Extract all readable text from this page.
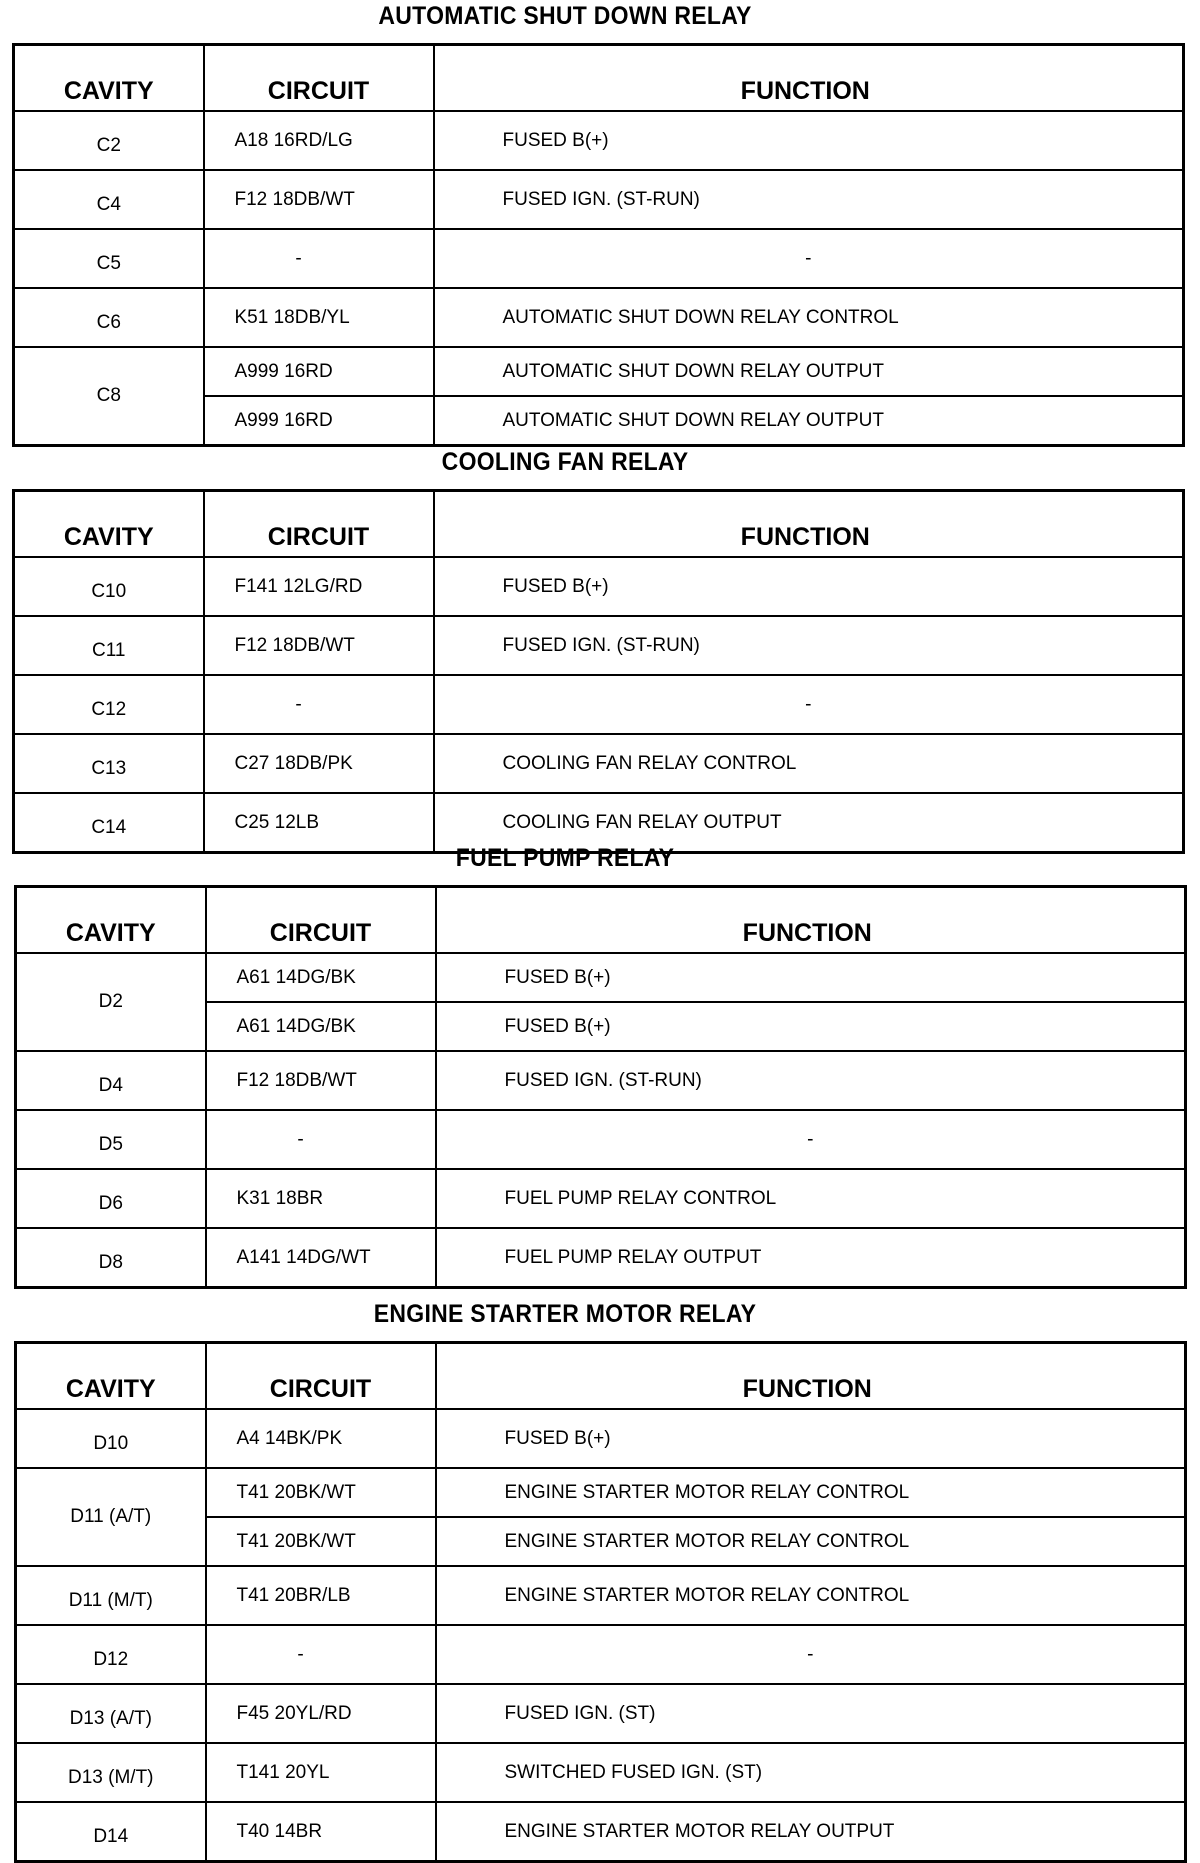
AUTOMATIC SHUT DOWN RELAY
CAVITY	CIRCUIT	FUNCTION
C2	A18 16RD/LG	FUSED B(+)
C4	F12 18DB/WT	FUSED IGN. (ST-RUN)
C5	-	-
C6	K51 18DB/YL	AUTOMATIC SHUT DOWN RELAY CONTROL
C8	A999 16RD	AUTOMATIC SHUT DOWN RELAY OUTPUT
	A999 16RD	AUTOMATIC SHUT DOWN RELAY OUTPUT
COOLING FAN RELAY
CAVITY	CIRCUIT	FUNCTION
C10	F141 12LG/RD	FUSED B(+)
C11	F12 18DB/WT	FUSED IGN. (ST-RUN)
C12	-	-
C13	C27 18DB/PK	COOLING FAN RELAY CONTROL
C14	C25 12LB	COOLING FAN RELAY OUTPUT
FUEL PUMP RELAY
CAVITY	CIRCUIT	FUNCTION
D2	A61 14DG/BK	FUSED B(+)
	A61 14DG/BK	FUSED B(+)
D4	F12 18DB/WT	FUSED IGN. (ST-RUN)
D5	-	-
D6	K31 18BR	FUEL PUMP RELAY CONTROL
D8	A141 14DG/WT	FUEL PUMP RELAY OUTPUT
ENGINE STARTER MOTOR RELAY
CAVITY	CIRCUIT	FUNCTION
D10	A4 14BK/PK	FUSED B(+)
D11 (A/T)	T41 20BK/WT	ENGINE STARTER MOTOR RELAY CONTROL
	T41 20BK/WT	ENGINE STARTER MOTOR RELAY CONTROL
D11 (M/T)	T41 20BR/LB	ENGINE STARTER MOTOR RELAY CONTROL
D12	-	-
D13 (A/T)	F45 20YL/RD	FUSED IGN. (ST)
D13 (M/T)	T141 20YL	SWITCHED FUSED IGN. (ST)
D14	T40 14BR	ENGINE STARTER MOTOR RELAY OUTPUT
